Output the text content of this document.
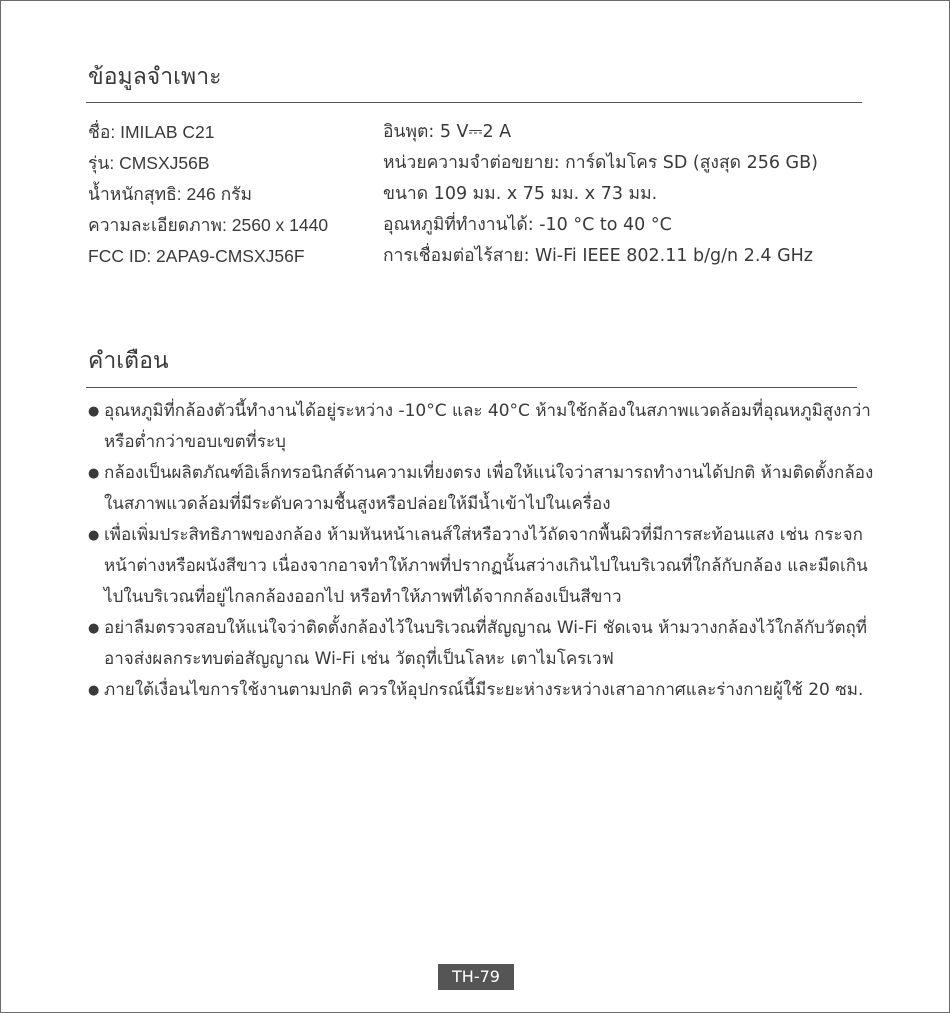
ข้อมูลจำเพาะ
ชื่อ: IMILAB C21
รุ่น: CMSXJ56B
น้ำหนักสุทธิ: 246 กรัม
ความละเอียดภาพ: 2560 x 1440
FCC ID: 2APA9-CMSXJ56F
อินพุต: 5 V⎓2 A
หน่วยความจำต่อขยาย: การ์ดไมโคร SD (สูงสุด 256 GB)
ขนาด 109 มม. x 75 มม. x 73 มม.
อุณหภูมิที่ทำงานได้: -10 °C to 40 °C
การเชื่อมต่อไร้สาย: Wi-Fi IEEE 802.11 b/g/n 2.4 GHz
คำเตือน
● อุณหภูมิที่กล้องตัวนี้ทำงานได้อยู่ระหว่าง -10°C และ 40°C ห้ามใช้กล้องในสภาพแวดล้อมที่อุณหภูมิสูงกว่าหรือต่ำกว่าขอบเขตที่ระบุ
● กล้องเป็นผลิตภัณฑ์อิเล็กทรอนิกส์ด้านความเที่ยงตรง เพื่อให้แน่ใจว่าสามารถทำงานได้ปกติ ห้ามติดตั้งกล้องในสภาพแวดล้อมที่มีระดับความชื้นสูงหรือปล่อยให้มีน้ำเข้าไปในเครื่อง
● เพื่อเพิ่มประสิทธิภาพของกล้อง ห้ามหันหน้าเลนส์ใส่หรือวางไว้ถัดจากพื้นผิวที่มีการสะท้อนแสง เช่น กระจกหน้าต่างหรือผนังสีขาว เนื่องจากอาจทำให้ภาพที่ปรากฏนั้นสว่างเกินไปในบริเวณที่ใกล้กับกล้อง และมืดเกินไปในบริเวณที่อยู่ไกลกล้องออกไป หรือทำให้ภาพที่ได้จากกล้องเป็นสีขาว
● อย่าลืมตรวจสอบให้แน่ใจว่าติดตั้งกล้องไว้ในบริเวณที่สัญญาณ Wi-Fi ชัดเจน ห้ามวางกล้องไว้ใกล้กับวัตถุที่อาจส่งผลกระทบต่อสัญญาณ Wi-Fi เช่น วัตถุที่เป็นโลหะ เตาไมโครเวฟ
● ภายใต้เงื่อนไขการใช้งานตามปกติ ควรให้อุปกรณ์นี้มีระยะห่างระหว่างเสาอากาศและร่างกายผู้ใช้ 20 ซม.
TH-79
